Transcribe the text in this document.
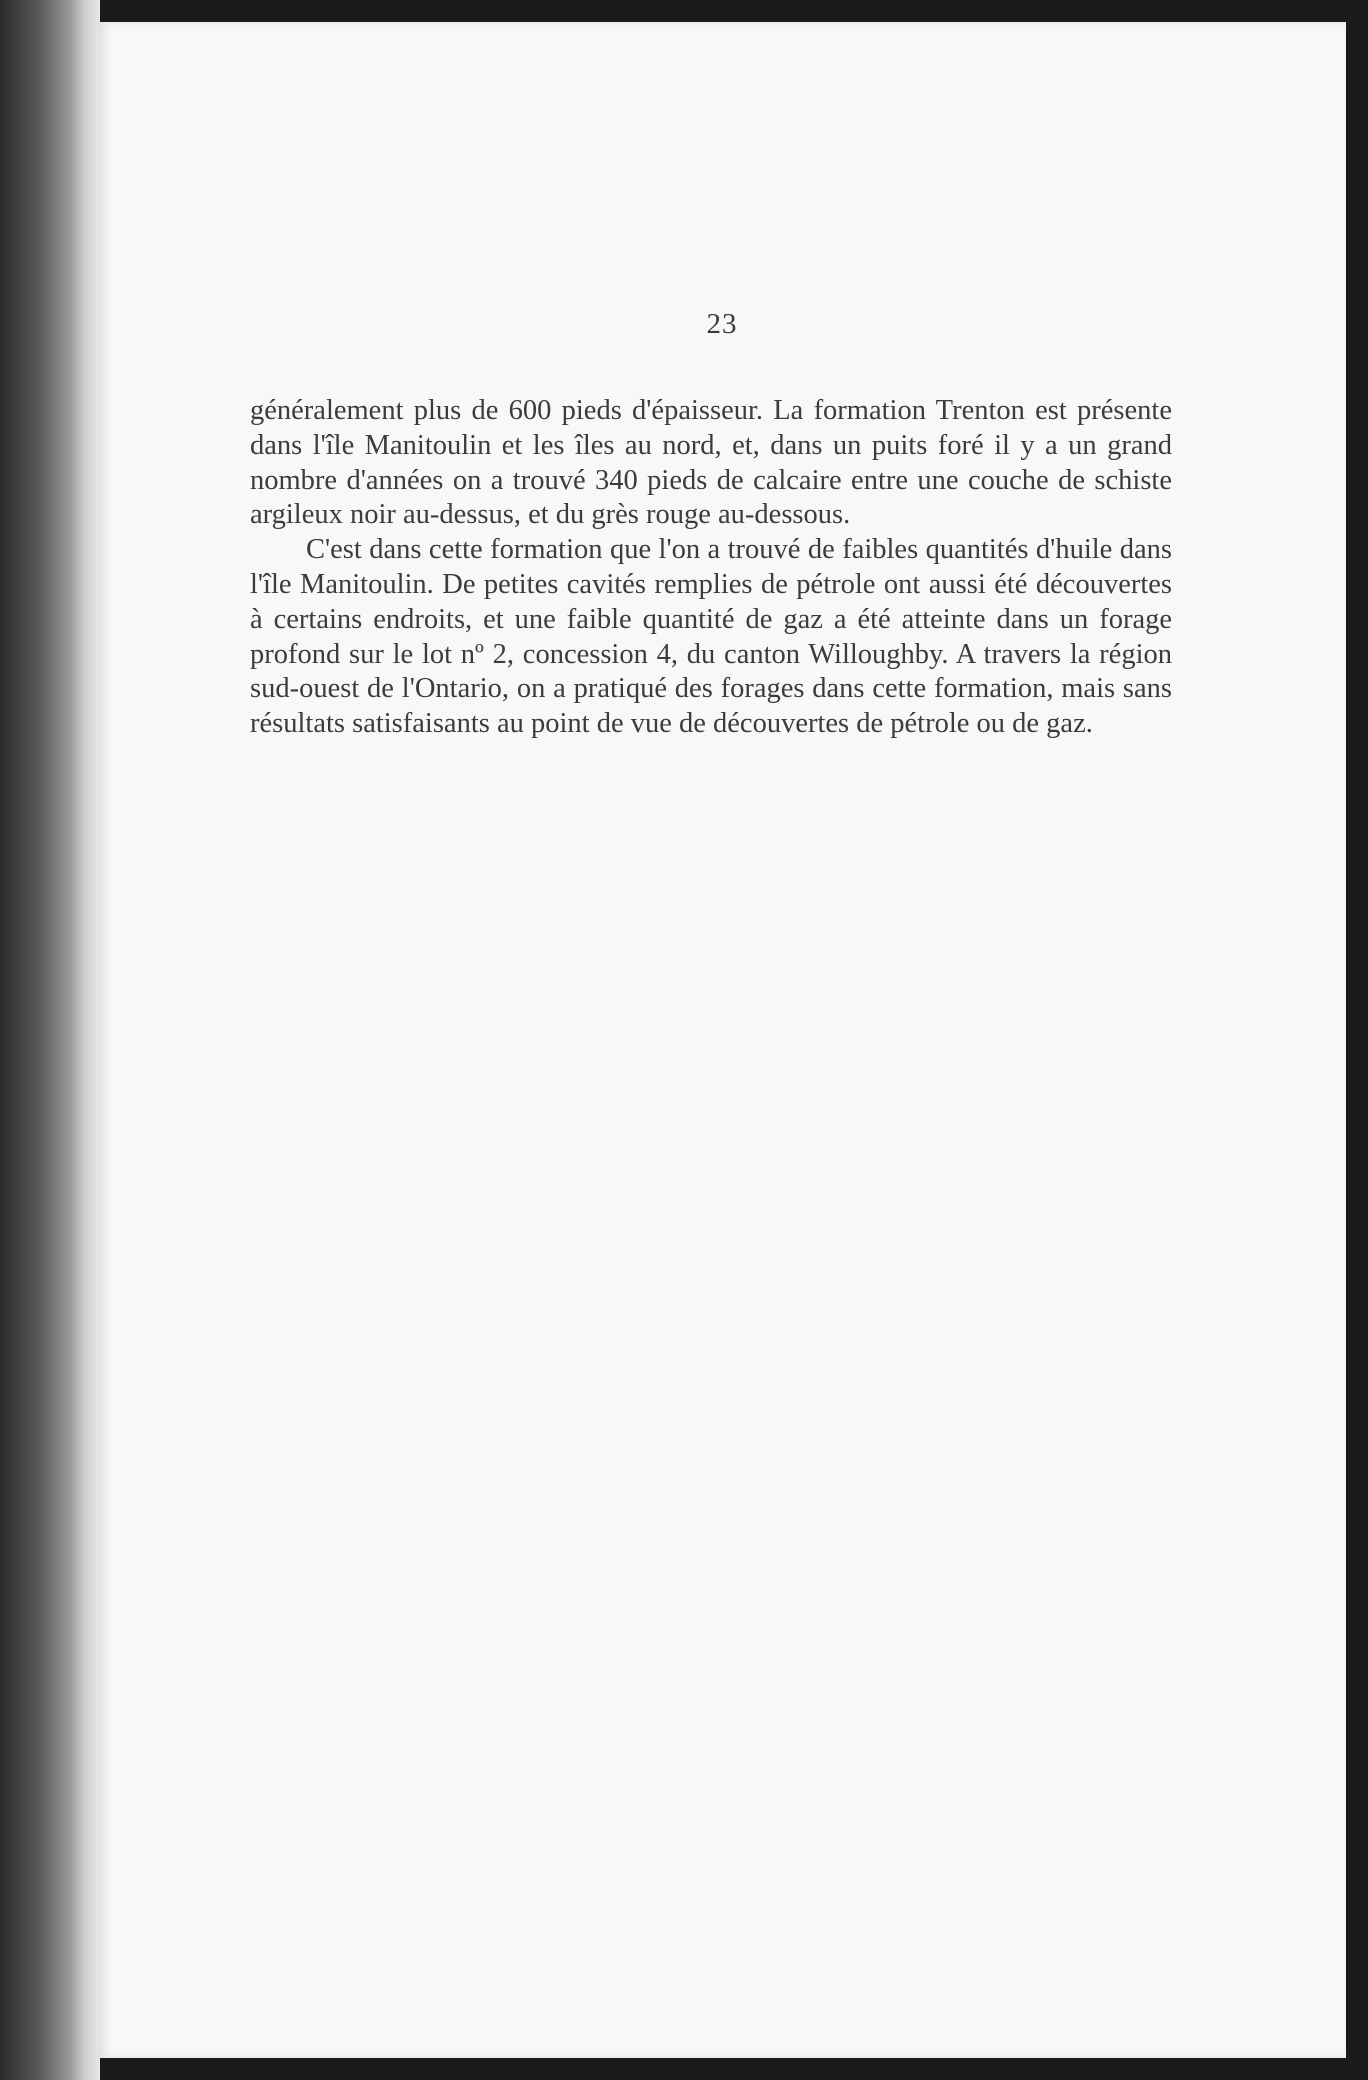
23

généralement plus de 600 pieds d'épaisseur. La formation Trenton est présente dans l'île Manitoulin et les îles au nord, et, dans un puits foré il y a un grand nombre d'années on a trouvé 340 pieds de calcaire entre une couche de schiste argileux noir au-dessus, et du grès rouge au-dessous.

C'est dans cette formation que l'on a trouvé de faibles quantités d'huile dans l'île Manitoulin. De petites cavités remplies de pétrole ont aussi été découvertes à certains endroits, et une faible quantité de gaz a été atteinte dans un forage profond sur le lot nº 2, concession 4, du canton Willoughby. A travers la région sud-ouest de l'Ontario, on a pratiqué des forages dans cette formation, mais sans résultats satisfaisants au point de vue de découvertes de pétrole ou de gaz.
